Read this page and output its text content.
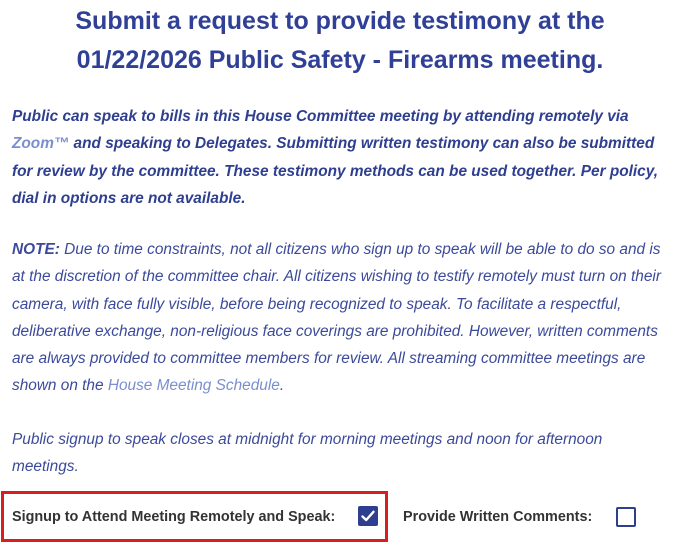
Submit a request to provide testimony at the
01/22/2026 Public Safety - Firearms meeting.

Public can speak to bills in this House Committee meeting by attending remotely via Zoom™ and speaking to Delegates. Submitting written testimony can also be submitted for review by the committee. These testimony methods can be used together. Per policy, dial in options are not available.

NOTE: Due to time constraints, not all citizens who sign up to speak will be able to do so and is at the discretion of the committee chair. All citizens wishing to testify remotely must turn on their camera, with face fully visible, before being recognized to speak. To facilitate a respectful, deliberative exchange, non-religious face coverings are prohibited. However, written comments are always provided to committee members for review. All streaming committee meetings are shown on the House Meeting Schedule.

Public signup to speak closes at midnight for morning meetings and noon for afternoon meetings.

Signup to Attend Meeting Remotely and Speak:	Provide Written Comments:
